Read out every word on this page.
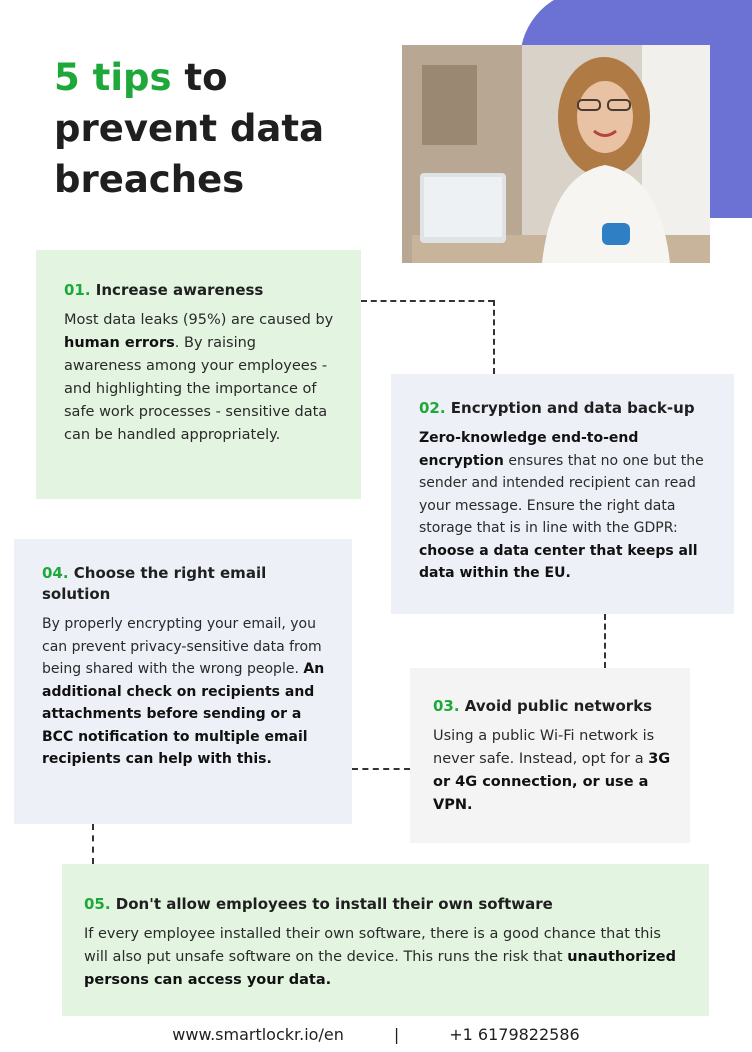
5 tips to prevent data breaches
01. Increase awareness

Most data leaks (95%) are caused by human errors. By raising awareness among your employees - and highlighting the importance of safe work processes - sensitive data can be handled appropriately.

02. Encryption and data back-up

Zero-knowledge end-to-end encryption ensures that no one but the sender and intended recipient can read your message. Ensure the right data storage that is in line with the GDPR: choose a data center that keeps all data within the EU.

04. Choose the right email solution

By properly encrypting your email, you can prevent privacy-sensitive data from being shared with the wrong people. An additional check on recipients and attachments before sending or a BCC notification to multiple email recipients can help with this.

03. Avoid public networks

Using a public Wi-Fi network is never safe. Instead, opt for a 3G or 4G connection, or use a VPN.

05. Don't allow employees to install their own software

If every employee installed their own software, there is a good chance that this will also put unsafe software on the device. This runs the risk that unauthorized persons can access your data.

www.smartlockr.io/en	|	+1 6179822586
